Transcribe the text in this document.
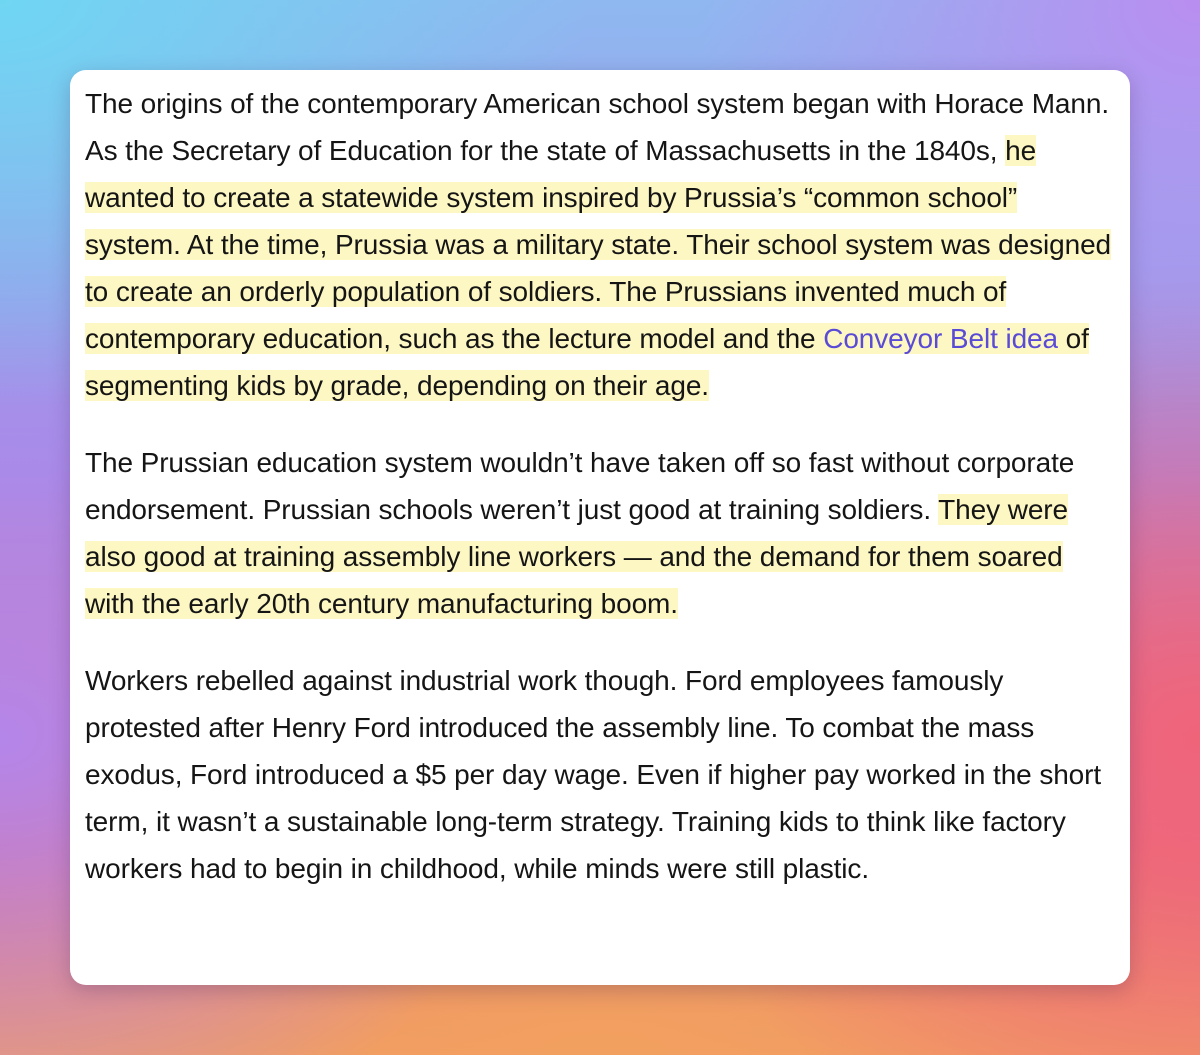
The origins of the contemporary American school system began with Horace Mann. As the Secretary of Education for the state of Massachusetts in the 1840s, he wanted to create a statewide system inspired by Prussia’s “common school” system. At the time, Prussia was a military state. Their school system was designed to create an orderly population of soldiers. The Prussians invented much of contemporary education, such as the lecture model and the Conveyor Belt idea of segmenting kids by grade, depending on their age.

The Prussian education system wouldn’t have taken off so fast without corporate endorsement. Prussian schools weren’t just good at training soldiers. They were also good at training assembly line workers — and the demand for them soared with the early 20th century manufacturing boom.

Workers rebelled against industrial work though. Ford employees famously protested after Henry Ford introduced the assembly line. To combat the mass exodus, Ford introduced a $5 per day wage. Even if higher pay worked in the short term, it wasn’t a sustainable long-term strategy. Training kids to think like factory workers had to begin in childhood, while minds were still plastic.
